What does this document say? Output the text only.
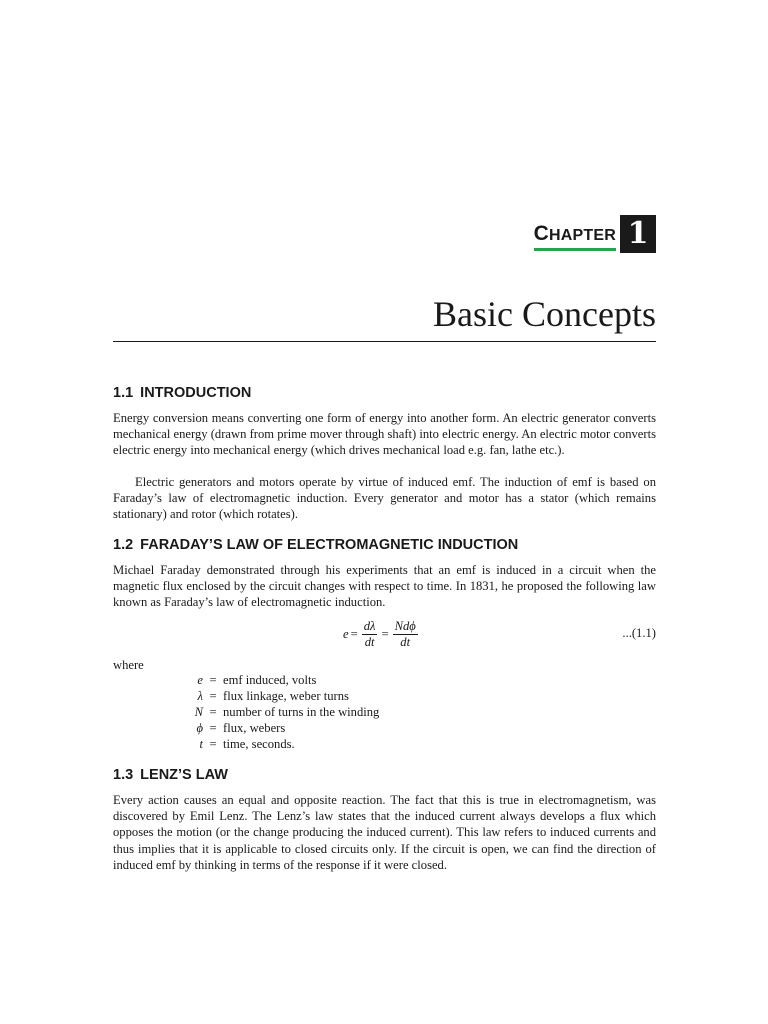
CHAPTER 1
Basic Concepts
1.1 INTRODUCTION

Energy conversion means converting one form of energy into another form. An electric generator converts mechanical energy (drawn from prime mover through shaft) into electric energy. An electric motor converts electric energy into mechanical energy (which drives mechanical load e.g. fan, lathe etc.).

Electric generators and motors operate by virtue of induced emf. The induction of emf is based on Faraday’s law of electromagnetic induction. Every generator and motor has a stator (which remains stationary) and rotor (which rotates).

1.2 FARADAY’S LAW OF ELECTROMAGNETIC INDUCTION

Michael Faraday demonstrated through his experiments that an emf is induced in a circuit when the magnetic flux enclosed by the circuit changes with respect to time. In 1831, he proposed the following law known as Faraday’s law of electromagnetic induction.

$e = \frac{d\lambda}{dt} = \frac{\text{Ndϕ}}{dt}$	...(1.1)

where

e = emf induced, volts
λ = flux linkage, weber turns
N = number of turns in the winding
ϕ = flux, webers
t = time, seconds.
1.3 LENZ’S LAW

Every action causes an equal and opposite reaction. The fact that this is true in electromagnetism, was discovered by Emil Lenz. The Lenz’s law states that the induced current always develops a flux which opposes the motion (or the change producing the induced current). This law refers to induced currents and thus implies that it is applicable to closed circuits only. If the circuit is open, we can find the direction of induced emf by thinking in terms of the response if it were closed.
